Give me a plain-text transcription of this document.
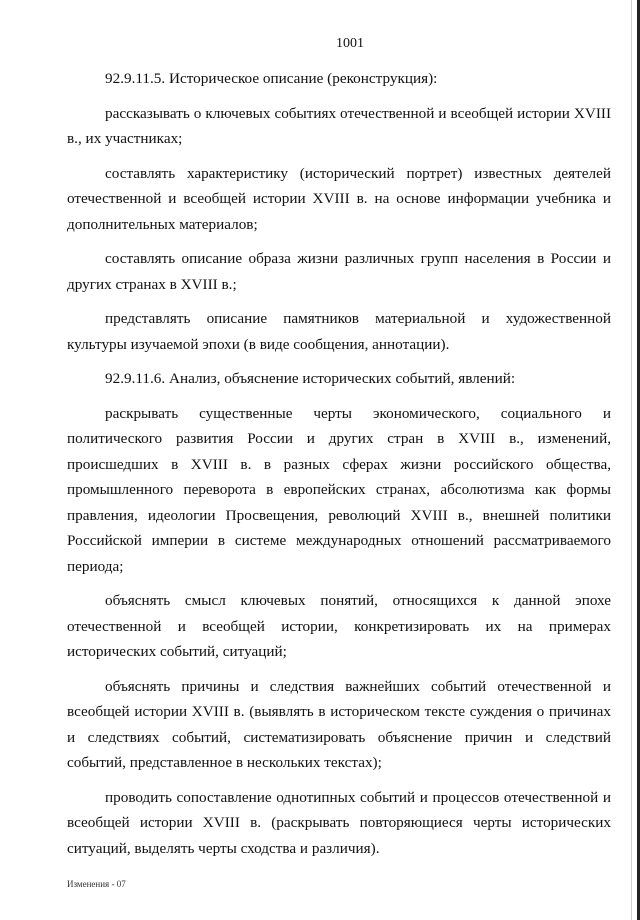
1001

92.9.11.5. Историческое описание (реконструкция):

рассказывать о ключевых событиях отечественной и всеобщей истории XVIII в., их участниках;

составлять характеристику (исторический портрет) известных деятелей отечественной и всеобщей истории XVIII в. на основе информации учебника и дополнительных материалов;

составлять описание образа жизни различных групп населения в России и других странах в XVIII в.;

представлять описание памятников материальной и художественной культуры изучаемой эпохи (в виде сообщения, аннотации).

92.9.11.6. Анализ, объяснение исторических событий, явлений:

раскрывать существенные черты экономического, социального и политического развития России и других стран в XVIII в., изменений, происшедших в XVIII в. в разных сферах жизни российского общества, промышленного переворота в европейских странах, абсолютизма как формы правления, идеологии Просвещения, революций XVIII в., внешней политики Российской империи в системе международных отношений рассматриваемого периода;

объяснять смысл ключевых понятий, относящихся к данной эпохе отечественной и всеобщей истории, конкретизировать их на примерах исторических событий, ситуаций;

объяснять причины и следствия важнейших событий отечественной и всеобщей истории XVIII в. (выявлять в историческом тексте суждения о причинах и следствиях событий, систематизировать объяснение причин и следствий событий, представленное в нескольких текстах);

проводить сопоставление однотипных событий и процессов отечественной и всеобщей истории XVIII в. (раскрывать повторяющиеся черты исторических ситуаций, выделять черты сходства и различия).

Изменения - 07
